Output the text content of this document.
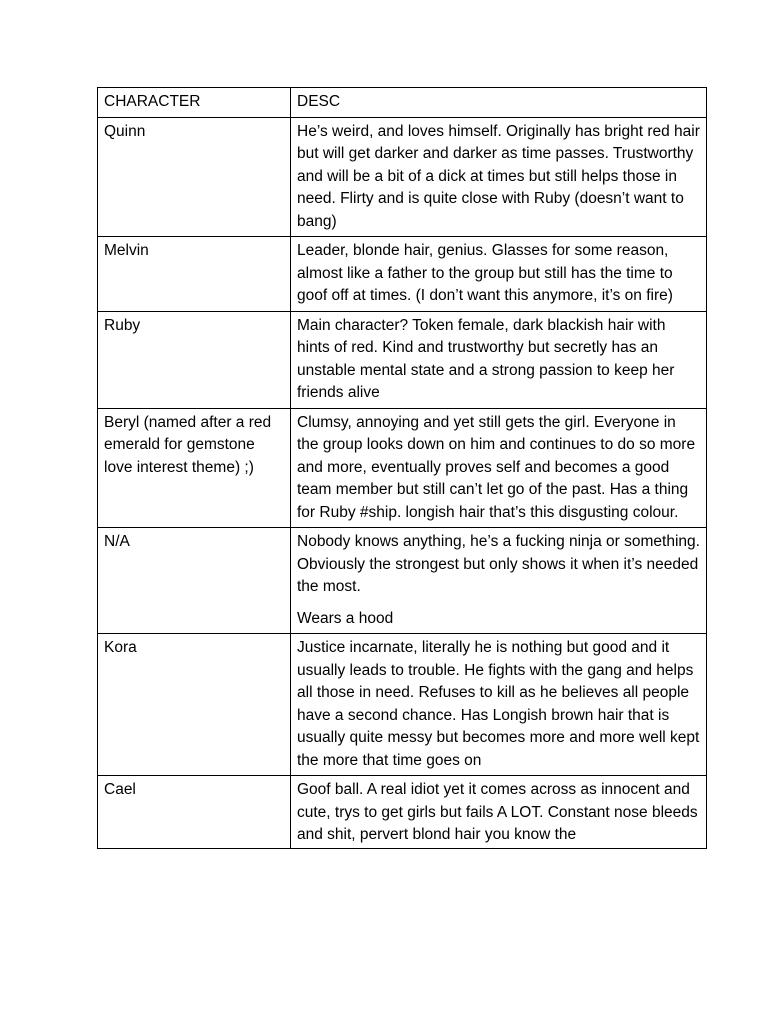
CHARACTER	DESC
Quinn	He’s weird, and loves himself. Originally has bright red hair but will get darker and darker as time passes. Trustworthy and will be a bit of a dick at times but still helps those in need. Flirty and is quite close with Ruby (doesn’t want to bang)
Melvin	Leader, blonde hair, genius. Glasses for some reason, almost like a father to the group but still has the time to goof off at times. (I don’t want this anymore, it’s on fire)
Ruby	Main character? Token female, dark blackish hair with hints of red. Kind and trustworthy but secretly has an unstable mental state and a strong passion to keep her friends alive
Beryl (named after a red emerald for gemstone love interest theme) ;)	Clumsy, annoying and yet still gets the girl. Everyone in the group looks down on him and continues to do so more and more, eventually proves self and becomes a good team member but still can’t let go of the past. Has a thing for Ruby #ship. longish hair that’s this disgusting colour.
N/A	Nobody knows anything, he’s a fucking ninja or something. Obviously the strongest but only shows it when it’s needed the most.
Wears a hood

Kora	Justice incarnate, literally he is nothing but good and it usually leads to trouble. He fights with the gang and helps all those in need. Refuses to kill as he believes all people have a second chance. Has Longish brown hair that is usually quite messy but becomes more and more well kept the more that time goes on
Cael	Goof ball. A real idiot yet it comes across as innocent and cute, trys to get girls but fails A LOT. Constant nose bleeds and shit, pervert blond hair you know the
